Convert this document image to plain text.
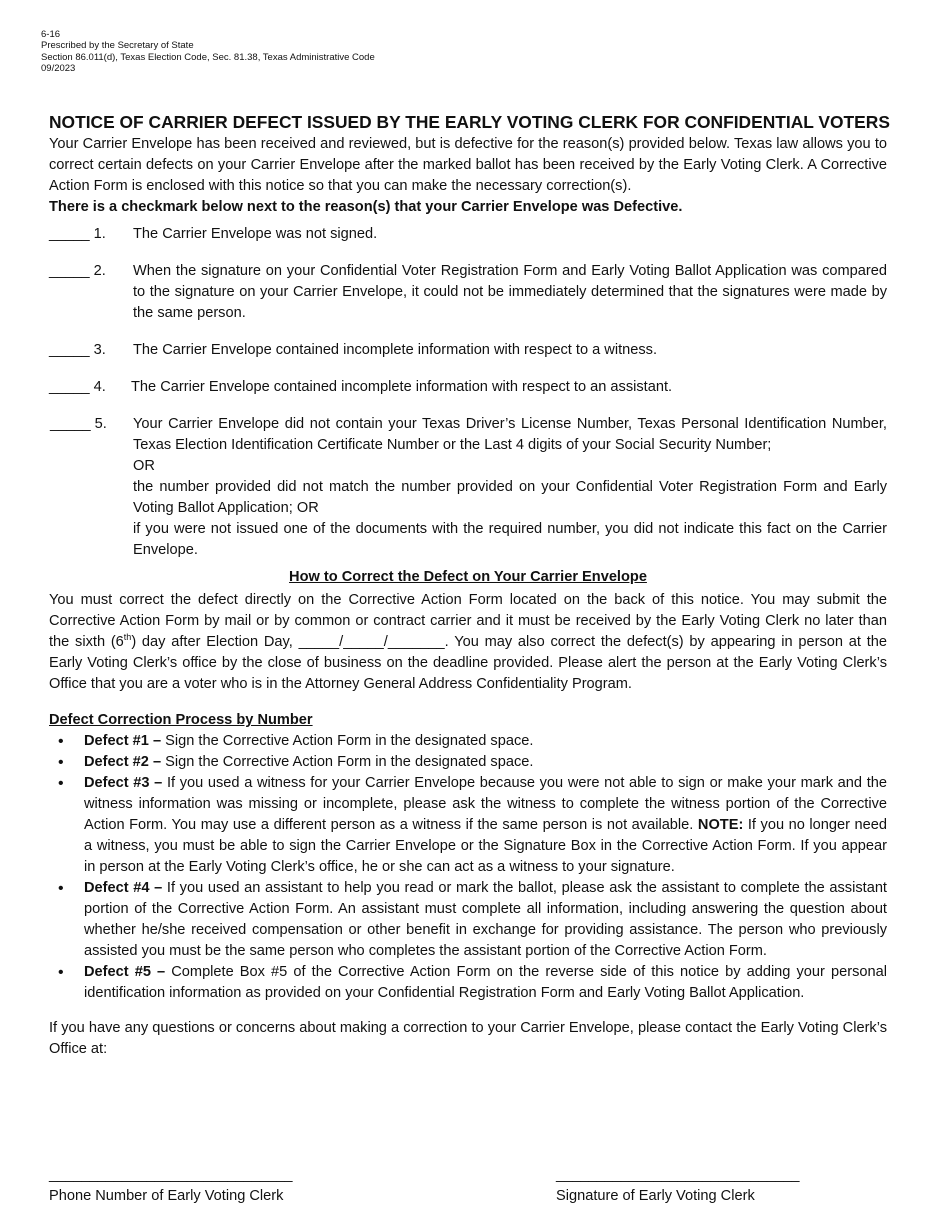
6-16
Prescribed by the Secretary of State
Section 86.011(d), Texas Election Code, Sec. 81.38, Texas Administrative Code
09/2023
NOTICE OF CARRIER DEFECT ISSUED BY THE EARLY VOTING CLERK FOR CONFIDENTIAL VOTERS

Your Carrier Envelope has been received and reviewed, but is defective for the reason(s) provided below. Texas law allows you to correct certain defects on your Carrier Envelope after the marked ballot has been received by the Early Voting Clerk. A Corrective Action Form is enclosed with this notice so that you can make the necessary correction(s).
There is a checkmark below next to the reason(s) that your Carrier Envelope was Defective.

_____ 1.	The Carrier Envelope was not signed.
_____ 2.	When the signature on your Confidential Voter Registration Form and Early Voting Ballot Application was compared to the signature on your Carrier Envelope, it could not be immediately determined that the signatures were made by the same person.
_____ 3.	The Carrier Envelope contained incomplete information with respect to a witness.
_____ 4.	The Carrier Envelope contained incomplete information with respect to an assistant.
_____ 5.	Your Carrier Envelope did not contain your Texas Driver’s License Number, Texas Personal Identification Number, Texas Election Identification Certificate Number or the Last 4 digits of your Social Security Number;
OR
the number provided did not match the number provided on your Confidential Voter Registration Form and Early Voting Ballot Application; OR
if you were not issued one of the documents with the required number, you did not indicate this fact on the Carrier Envelope.
How to Correct the Defect on Your Carrier Envelope

You must correct the defect directly on the Corrective Action Form located on the back of this notice. You may submit the Corrective Action Form by mail or by common or contract carrier and it must be received by the Early Voting Clerk no later than the sixth (6th) day after Election Day, _____/_____/_______. You may also correct the defect(s) by appearing in person at the Early Voting Clerk’s office by the close of business on the deadline provided. Please alert the person at the Early Voting Clerk’s Office that you are a voter who is in the Attorney General Address Confidentiality Program.

Defect Correction Process by Number
• Defect #1 – Sign the Corrective Action Form in the designated space.
• Defect #2 – Sign the Corrective Action Form in the designated space.
• Defect #3 – If you used a witness for your Carrier Envelope because you were not able to sign or make your mark and the witness information was missing or incomplete, please ask the witness to complete the witness portion of the Corrective Action Form. You may use a different person as a witness if the same person is not available. NOTE: If you no longer need a witness, you must be able to sign the Carrier Envelope or the Signature Box in the Corrective Action Form. If you appear in person at the Early Voting Clerk’s office, he or she can act as a witness to your signature.
• Defect #4 – If you used an assistant to help you read or mark the ballot, please ask the assistant to complete the assistant portion of the Corrective Action Form. An assistant must complete all information, including answering the question about whether he/she received compensation or other benefit in exchange for providing assistance. The person who previously assisted you must be the same person who completes the assistant portion of the Corrective Action Form.
• Defect #5 – Complete Box #5 of the Corrective Action Form on the reverse side of this notice by adding your personal identification information as provided on your Confidential Registration Form and Early Voting Ballot Application.

If you have any questions or concerns about making a correction to your Carrier Envelope, please contact the Early Voting Clerk’s Office at:

______________________________
Phone Number of Early Voting Clerk
______________________________
Signature of Early Voting Clerk
